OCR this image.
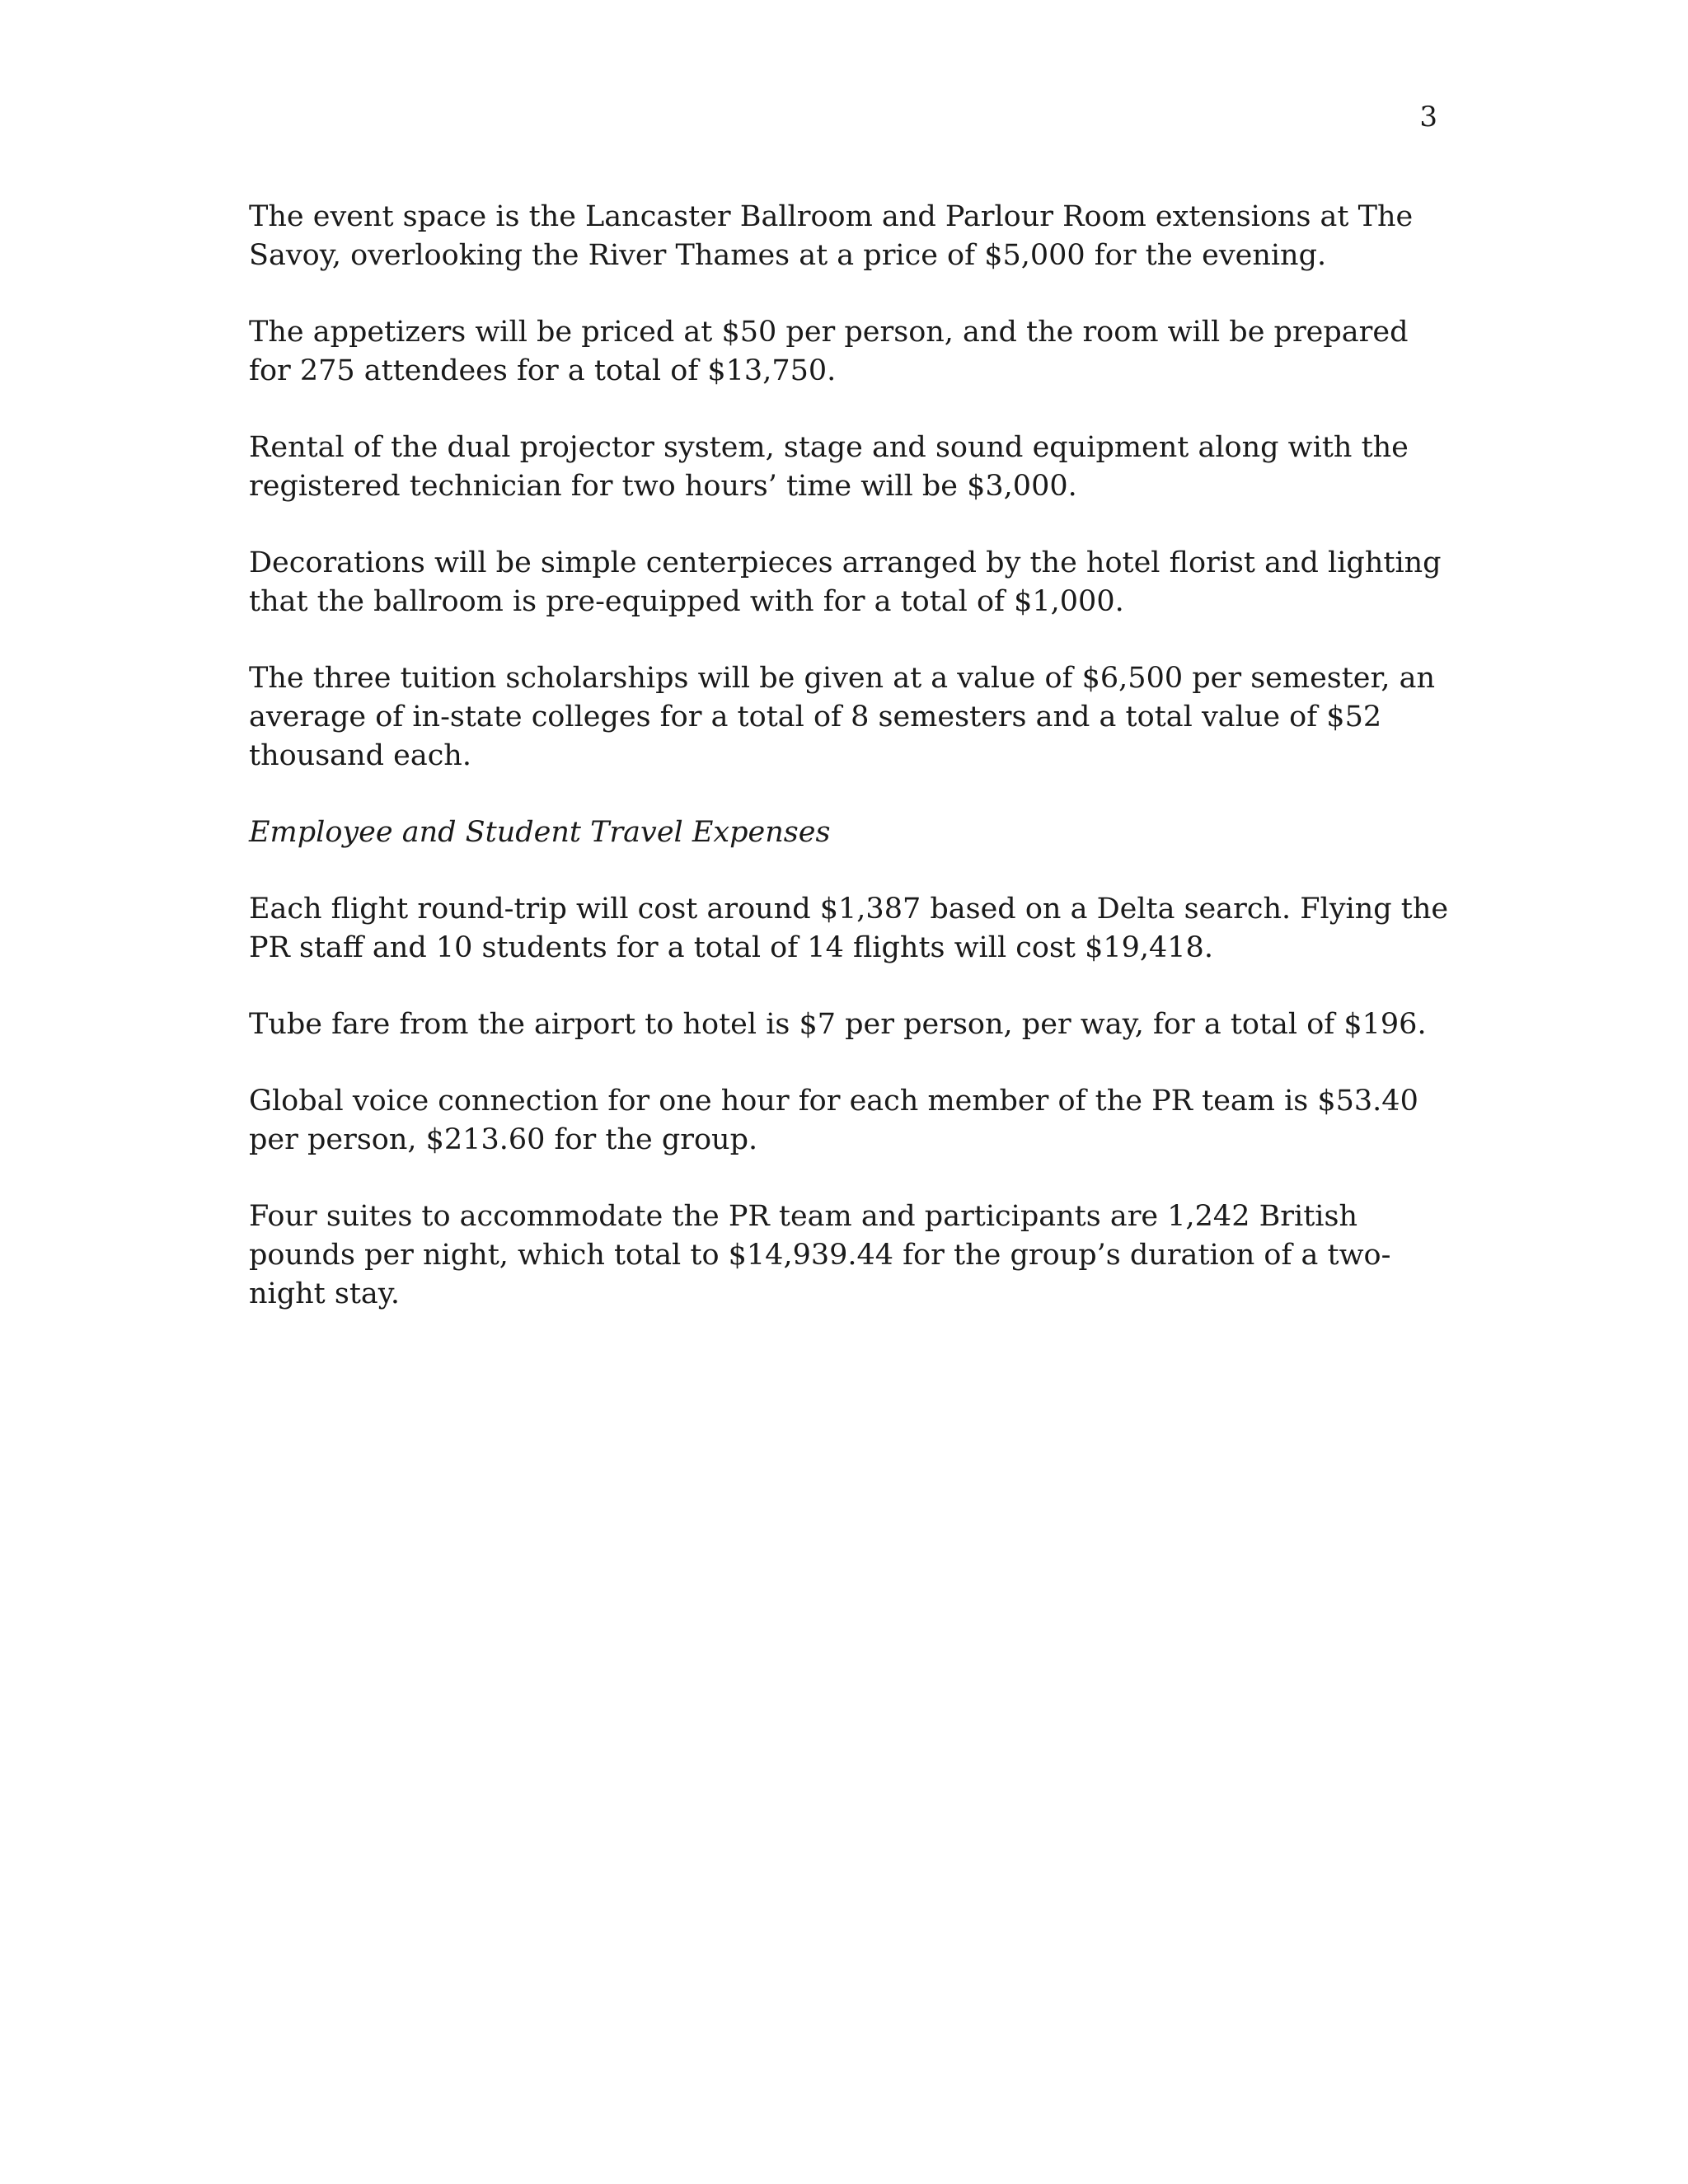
3

The event space is the Lancaster Ballroom and Parlour Room extensions at The Savoy, overlooking the River Thames at a price of $5,000 for the evening.

The appetizers will be priced at $50 per person, and the room will be prepared for 275 attendees for a total of $13,750.

Rental of the dual projector system, stage and sound equipment along with the registered technician for two hours’ time will be $3,000.

Decorations will be simple centerpieces arranged by the hotel florist and lighting that the ballroom is pre-equipped with for a total of $1,000.

The three tuition scholarships will be given at a value of $6,500 per semester, an average of in-state colleges for a total of 8 semesters and a total value of $52 thousand each.

Employee and Student Travel Expenses

Each flight round-trip will cost around $1,387 based on a Delta search. Flying the PR staff and 10 students for a total of 14 flights will cost $19,418.

Tube fare from the airport to hotel is $7 per person, per way, for a total of $196.

Global voice connection for one hour for each member of the PR team is $53.40 per person, $213.60 for the group.

Four suites to accommodate the PR team and participants are 1,242 British pounds per night, which total to $14,939.44 for the group’s duration of a two-night stay.
